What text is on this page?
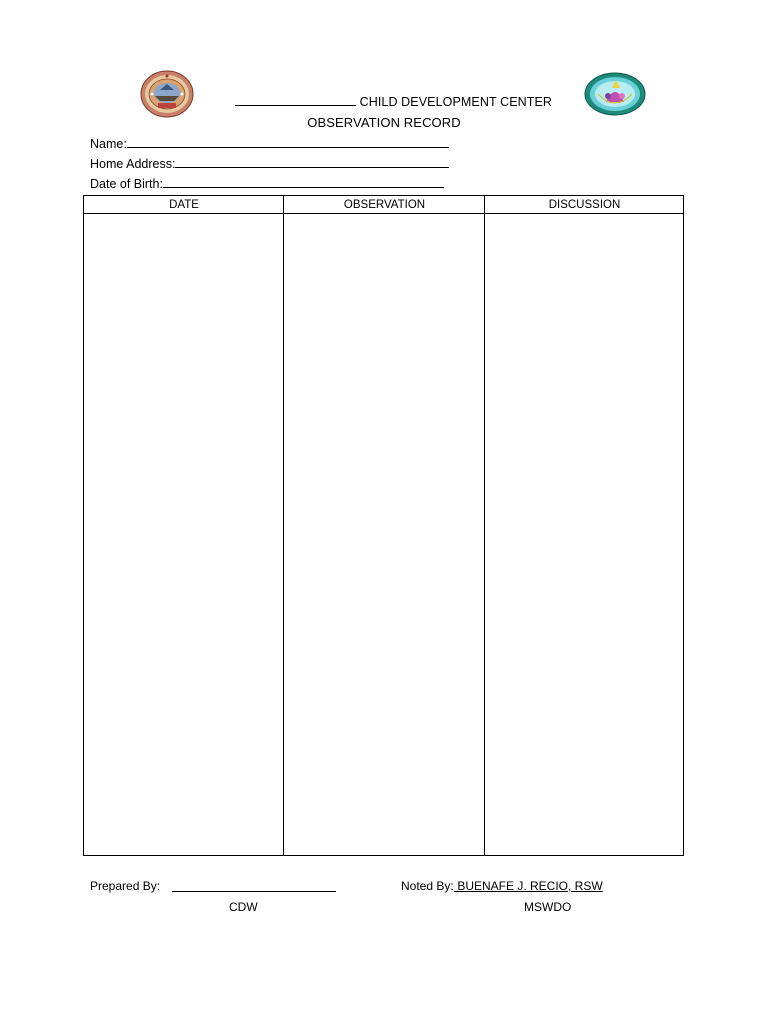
CHILD DEVELOPMENT CENTER
OBSERVATION RECORD
Name:
Home Address:
Date of Birth:
DATE	OBSERVATION	DISCUSSION
Prepared By:
CDW
Noted By: BUENAFE J. RECIO, RSW
MSWDO
